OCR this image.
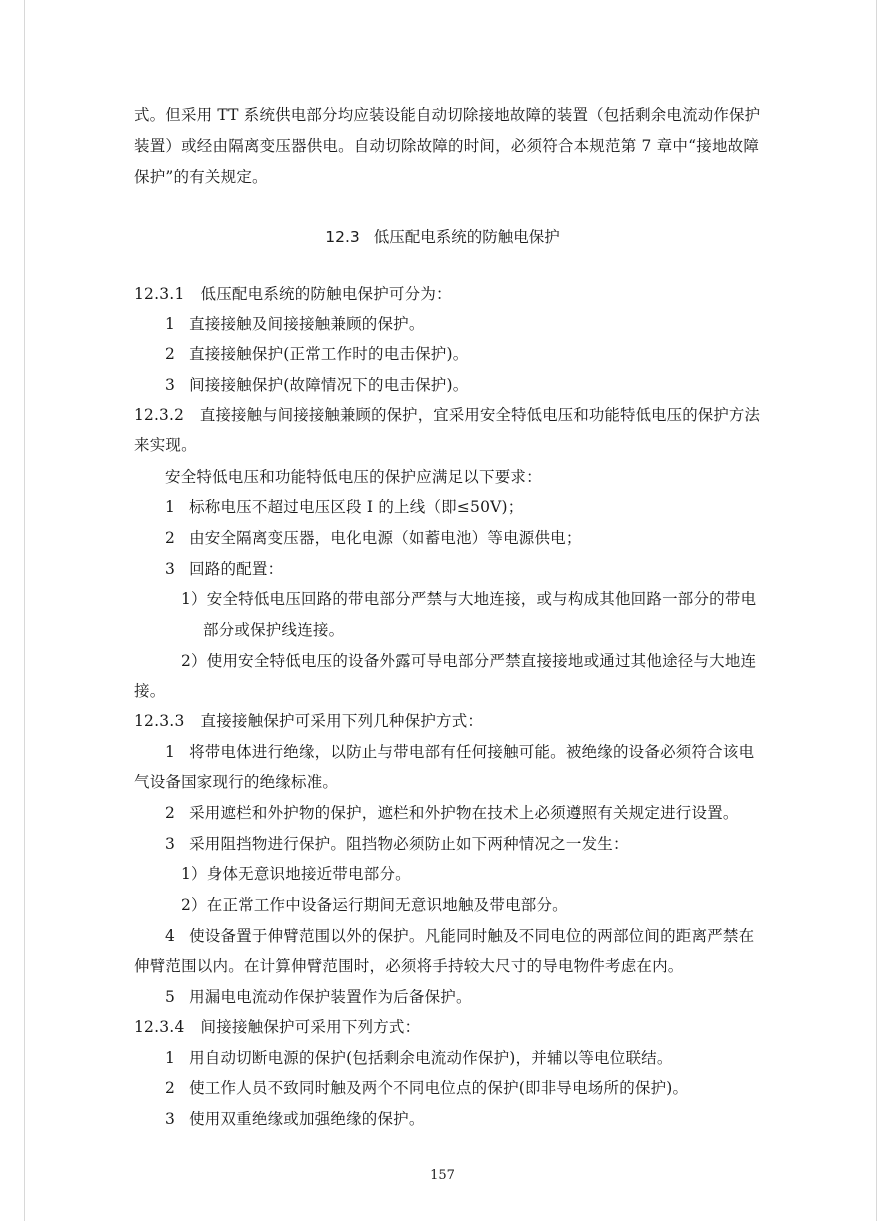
式。但采用 TT 系统供电部分均应装设能自动切除接地故障的装置（包括剩余电流动作保护
装置）或经由隔离变压器供电。自动切除故障的时间，必须符合本规范第 7 章中“接地故障
保护”的有关规定。
12.3 低压配电系统的防触电保护
12.3.1 低压配电系统的防触电保护可分为：
1 直接接触及间接接触兼顾的保护。
2 直接接触保护(正常工作时的电击保护)。
3 间接接触保护(故障情况下的电击保护)。
12.3.2 直接接触与间接接触兼顾的保护，宜采用安全特低电压和功能特低电压的保护方法
来实现。
安全特低电压和功能特低电压的保护应满足以下要求：
1 标称电压不超过电压区段 I 的上线（即≤50V)；
2 由安全隔离变压器，电化电源（如蓄电池）等电源供电；
3 回路的配置：
1）安全特低电压回路的带电部分严禁与大地连接，或与构成其他回路一部分的带电
部分或保护线连接。
2）使用安全特低电压的设备外露可导电部分严禁直接接地或通过其他途径与大地连
接。
12.3.3 直接接触保护可采用下列几种保护方式：
1 将带电体进行绝缘，以防止与带电部有任何接触可能。被绝缘的设备必须符合该电
气设备国家现行的绝缘标准。
2 采用遮栏和外护物的保护，遮栏和外护物在技术上必须遵照有关规定进行设置。
3 采用阻挡物进行保护。阻挡物必须防止如下两种情况之一发生：
1）身体无意识地接近带电部分。
2）在正常工作中设备运行期间无意识地触及带电部分。
4 使设备置于伸臂范围以外的保护。凡能同时触及不同电位的两部位间的距离严禁在
伸臂范围以内。在计算伸臂范围时，必须将手持较大尺寸的导电物件考虑在内。
5 用漏电电流动作保护装置作为后备保护。
12.3.4 间接接触保护可采用下列方式：
1 用自动切断电源的保护(包括剩余电流动作保护)，并辅以等电位联结。
2 使工作人员不致同时触及两个不同电位点的保护(即非导电场所的保护)。
3 使用双重绝缘或加强绝缘的保护。
157
